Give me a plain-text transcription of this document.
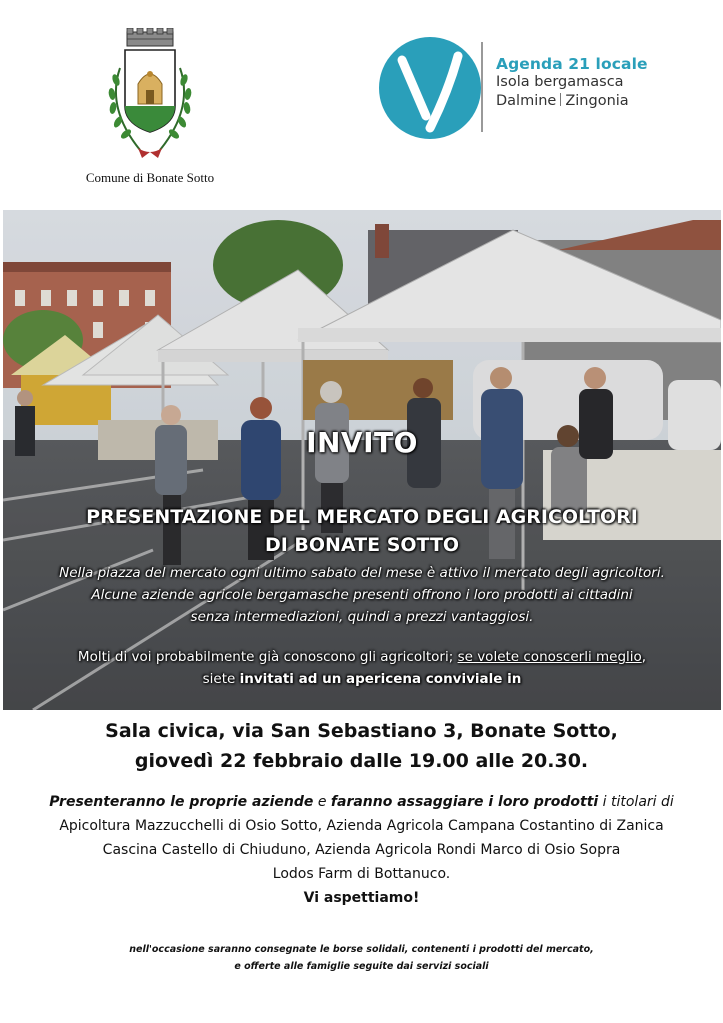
Comune di Bonate Sotto
Agenda 21 locale
Isola bergamasca
Dalmine Zingonia
INVITO
PRESENTAZIONE DEL MERCATO DEGLI AGRICOLTORI
DI BONATE SOTTO
Nella piazza del mercato ogni ultimo sabato del mese è attivo il mercato degli agricoltori.
Alcune aziende agricole bergamasche presenti offrono i loro prodotti ai cittadini
senza intermediazioni, quindi a prezzi vantaggiosi.
Molti di voi probabilmente già conoscono gli agricoltori; se volete conoscerli meglio,
siete invitati ad un apericena conviviale in
Sala civica, via San Sebastiano 3, Bonate Sotto,
giovedì 22 febbraio dalle 19.00 alle 20.30.
Presenteranno le proprie aziende e faranno assaggiare i loro prodotti i titolari di
Apicoltura Mazzucchelli di Osio Sotto, Azienda Agricola Campana Costantino di Zanica
Cascina Castello di Chiuduno, Azienda Agricola Rondi Marco di Osio Sopra
Lodos Farm di Bottanuco.
Vi aspettiamo!
nell'occasione saranno consegnate le borse solidali, contenenti i prodotti del mercato,
e offerte alle famiglie seguite dai servizi sociali
